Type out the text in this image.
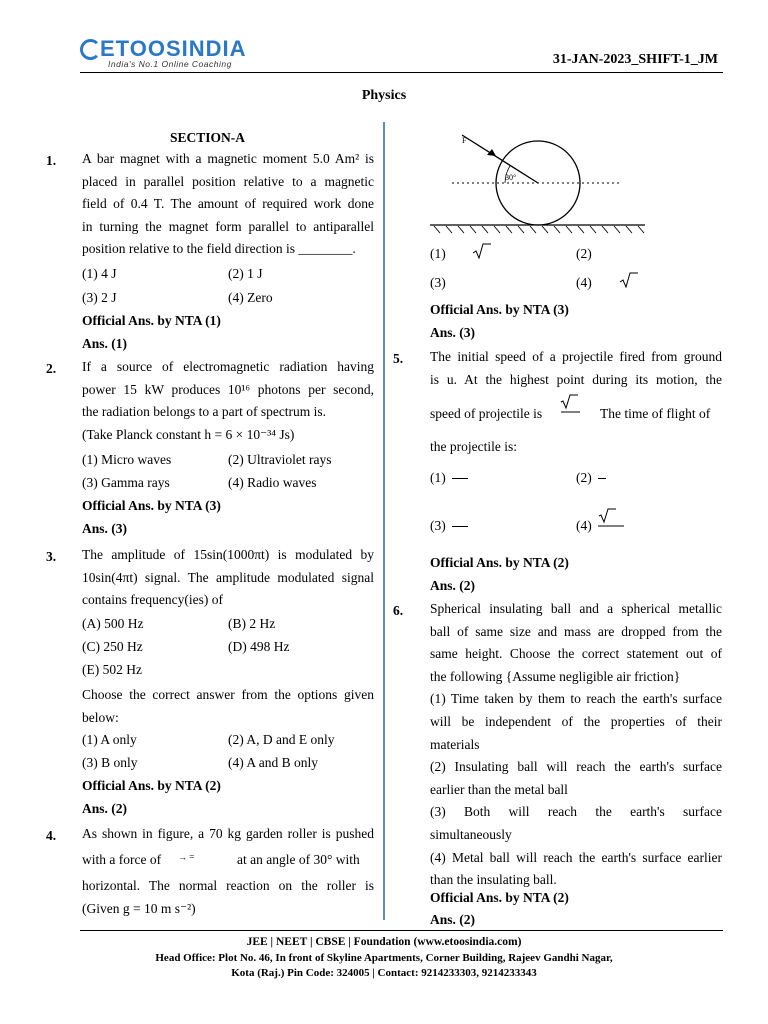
ETOOSINDIA
India's No.1 Online Coaching	31-JAN-2023_SHIFT-1_JM
Physics
SECTION-A
1. A bar magnet with a magnetic moment 5.0 Am² is
placed in parallel position relative to a magnetic
field of 0.4 T. The amount of required work done
in turning the magnet form parallel to antiparallel
position relative to the field direction is ________.
(1) 4 J	(2) 1 J
(3) 2 J	(4) Zero
Official Ans. by NTA (1)
Ans. (1)
2. If a source of electromagnetic radiation having
power 15 kW produces 10¹⁶ photons per second,
the radiation belongs to a part of spectrum is.
(Take Planck constant h = 6 × 10⁻³⁴ Js)
(1) Micro waves	(2) Ultraviolet rays
(3) Gamma rays	(4) Radio waves
Official Ans. by NTA (3)
Ans. (3)
3. The amplitude of 15sin(1000πt) is modulated by
10sin(4πt) signal. The amplitude modulated signal
contains frequency(ies) of
(A) 500 Hz	(B) 2 Hz
(C) 250 Hz	(D) 498 Hz
(E) 502 Hz
Choose the correct answer from the options given
below:
(1) A only	(2) A, D and E only
(3) B only	(4) A and B only
Official Ans. by NTA (2)
Ans. (2)
4. As shown in figure, a 70 kg garden roller is pushed
with a force of → =	at an angle of 30° with
horizontal. The normal reaction on the roller is
(Given g = 10 m s⁻²)
F
30°
(1)	(2)
(3)	(4)
Official Ans. by NTA (3)
Ans. (3)
5. The initial speed of a projectile fired from ground
is u. At the highest point during its motion, the
speed of projectile is	The time of flight of
the projectile is:
(1)	(2)
(3)	(4)
Official Ans. by NTA (2)
Ans. (2)
6. Spherical insulating ball and a spherical metallic
ball of same size and mass are dropped from the
same height. Choose the correct statement out of
the following {Assume negligible air friction}
(1) Time taken by them to reach the earth's surface
will be independent of the properties of their
materials
(2) Insulating ball will reach the earth's surface
earlier than the metal ball
(3) Both will reach the earth's surface
simultaneously
(4) Metal ball will reach the earth's surface earlier
than the insulating ball.
Official Ans. by NTA (2)
Ans. (2)
JEE | NEET | CBSE | Foundation (www.etoosindia.com)
Head Office: Plot No. 46, In front of Skyline Apartments, Corner Building, Rajeev Gandhi Nagar,
Kota (Raj.) Pin Code: 324005 | Contact: 9214233303, 9214233343
